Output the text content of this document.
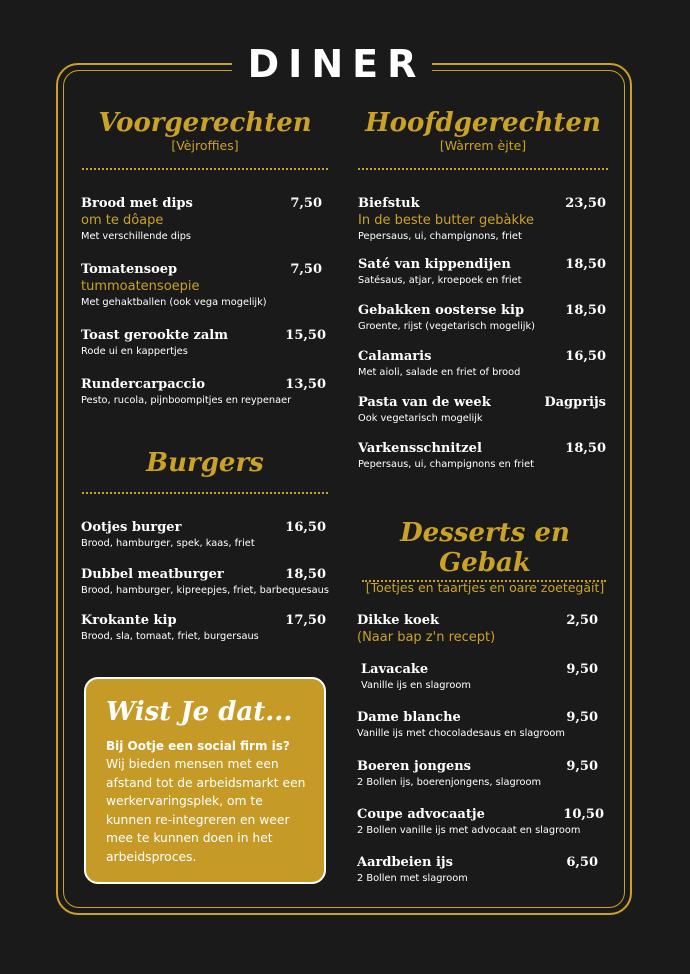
DINER
Voorgerechten
[Vèjroffies]
Brood met dips	7,50
om te dôape
Met verschillende dips
Tomatensoep	7,50
tummoatensoepie
Met gehaktballen (ook vega mogelijk)
Toast gerookte zalm	15,50
Rode ui en kappertjes
Rundercarpaccio	13,50
Pesto, rucola, pijnboompitjes en reypenaer
Burgers
Ootjes burger	16,50
Brood, hamburger, spek, kaas, friet
Dubbel meatburger	18,50
Brood, hamburger, kipreepjes, friet, barbequesaus
Krokante kip	17,50
Brood, sla, tomaat, friet, burgersaus
Wist Je dat...
Bij Ootje een social firm is?
Wij bieden mensen met een afstand tot de arbeidsmarkt een werkervaringsplek, om te kunnen re-integreren en weer mee te kunnen doen in het arbeidsproces.
Hoofdgerechten
[Wàrrem èjte]
Biefstuk	23,50
In de beste butter gebàkke
Pepersaus, ui, champignons, friet
Saté van kippendijen	18,50
Satésaus, atjar, kroepoek en friet
Gebakken oosterse kip	18,50
Groente, rijst (vegetarisch mogelijk)
Calamaris	16,50
Met aioli, salade en friet of brood
Pasta van de week	Dagprijs
Ook vegetarisch mogelijk
Varkensschnitzel	18,50
Pepersaus, ui, champignons en friet
Desserts en Gebak
[Toetjes en taartjes en oare zoetegâit]
Dikke koek	2,50
(Naar bap z'n recept)
Lavacake	9,50
Vanille ijs en slagroom
Dame blanche	9,50
Vanille ijs met chocoladesaus en slagroom
Boeren jongens	9,50
2 Bollen ijs, boerenjongens, slagroom
Coupe advocaatje	10,50
2 Bollen vanille ijs met advocaat en slagroom
Aardbeien ijs	6,50
2 Bollen met slagroom
